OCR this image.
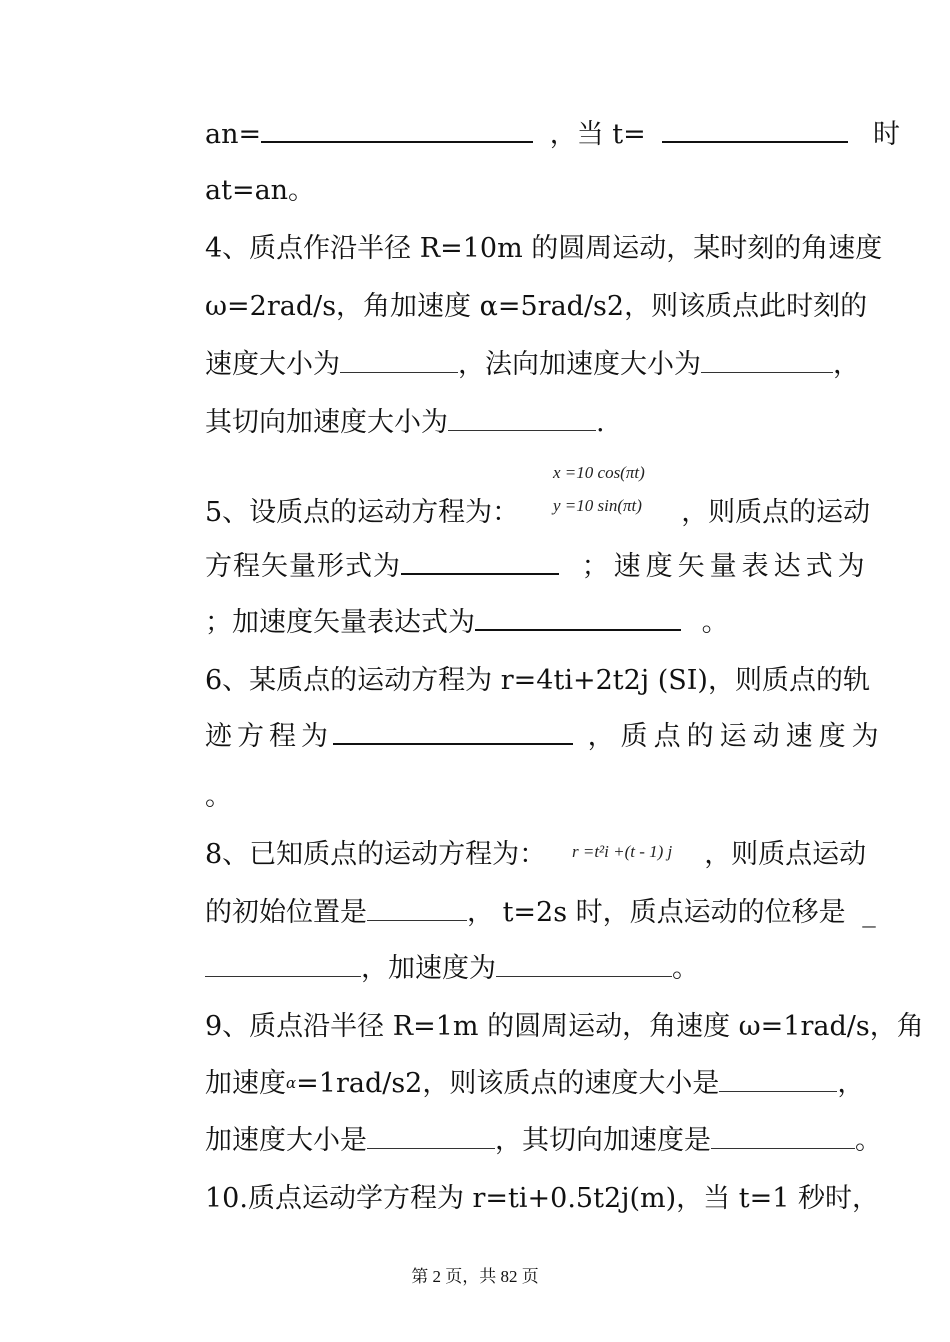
an=	，当 t=	时
at=an。
4、质点作沿半径 R=10m 的圆周运动，某时刻的角速度
ω=2rad/s，角加速度 α=5rad/s2，则该质点此时刻的
速度大小为	，法向加速度大小为	，
其切向加速度大小为	.
x =10 cos(πt)
y =10 sin(πt)
5、设质点的运动方程为：	，则质点的运动
方程矢量形式为	；速度矢量表达式为
；加速度矢量表达式为	。
6、某质点的运动方程为 r=4ti+2t2j (SI)，则质点的轨
迹方程为	，质点的运动速度为
。
r =t²i +(t - 1) j
8、已知质点的运动方程为：	，则质点运动
的初始位置是	， t=2s 时，质点运动的位移是 _
，加速度为	。
9、质点沿半径 R=1m 的圆周运动，角速度 ω=1rad/s，角
加速度α=1rad/s2，则该质点的速度大小是	，
加速度大小是	，其切向加速度是	。
10.质点运动学方程为 r=ti+0.5t2j(m)，当 t=1 秒时，
第 2 页，共 82 页
